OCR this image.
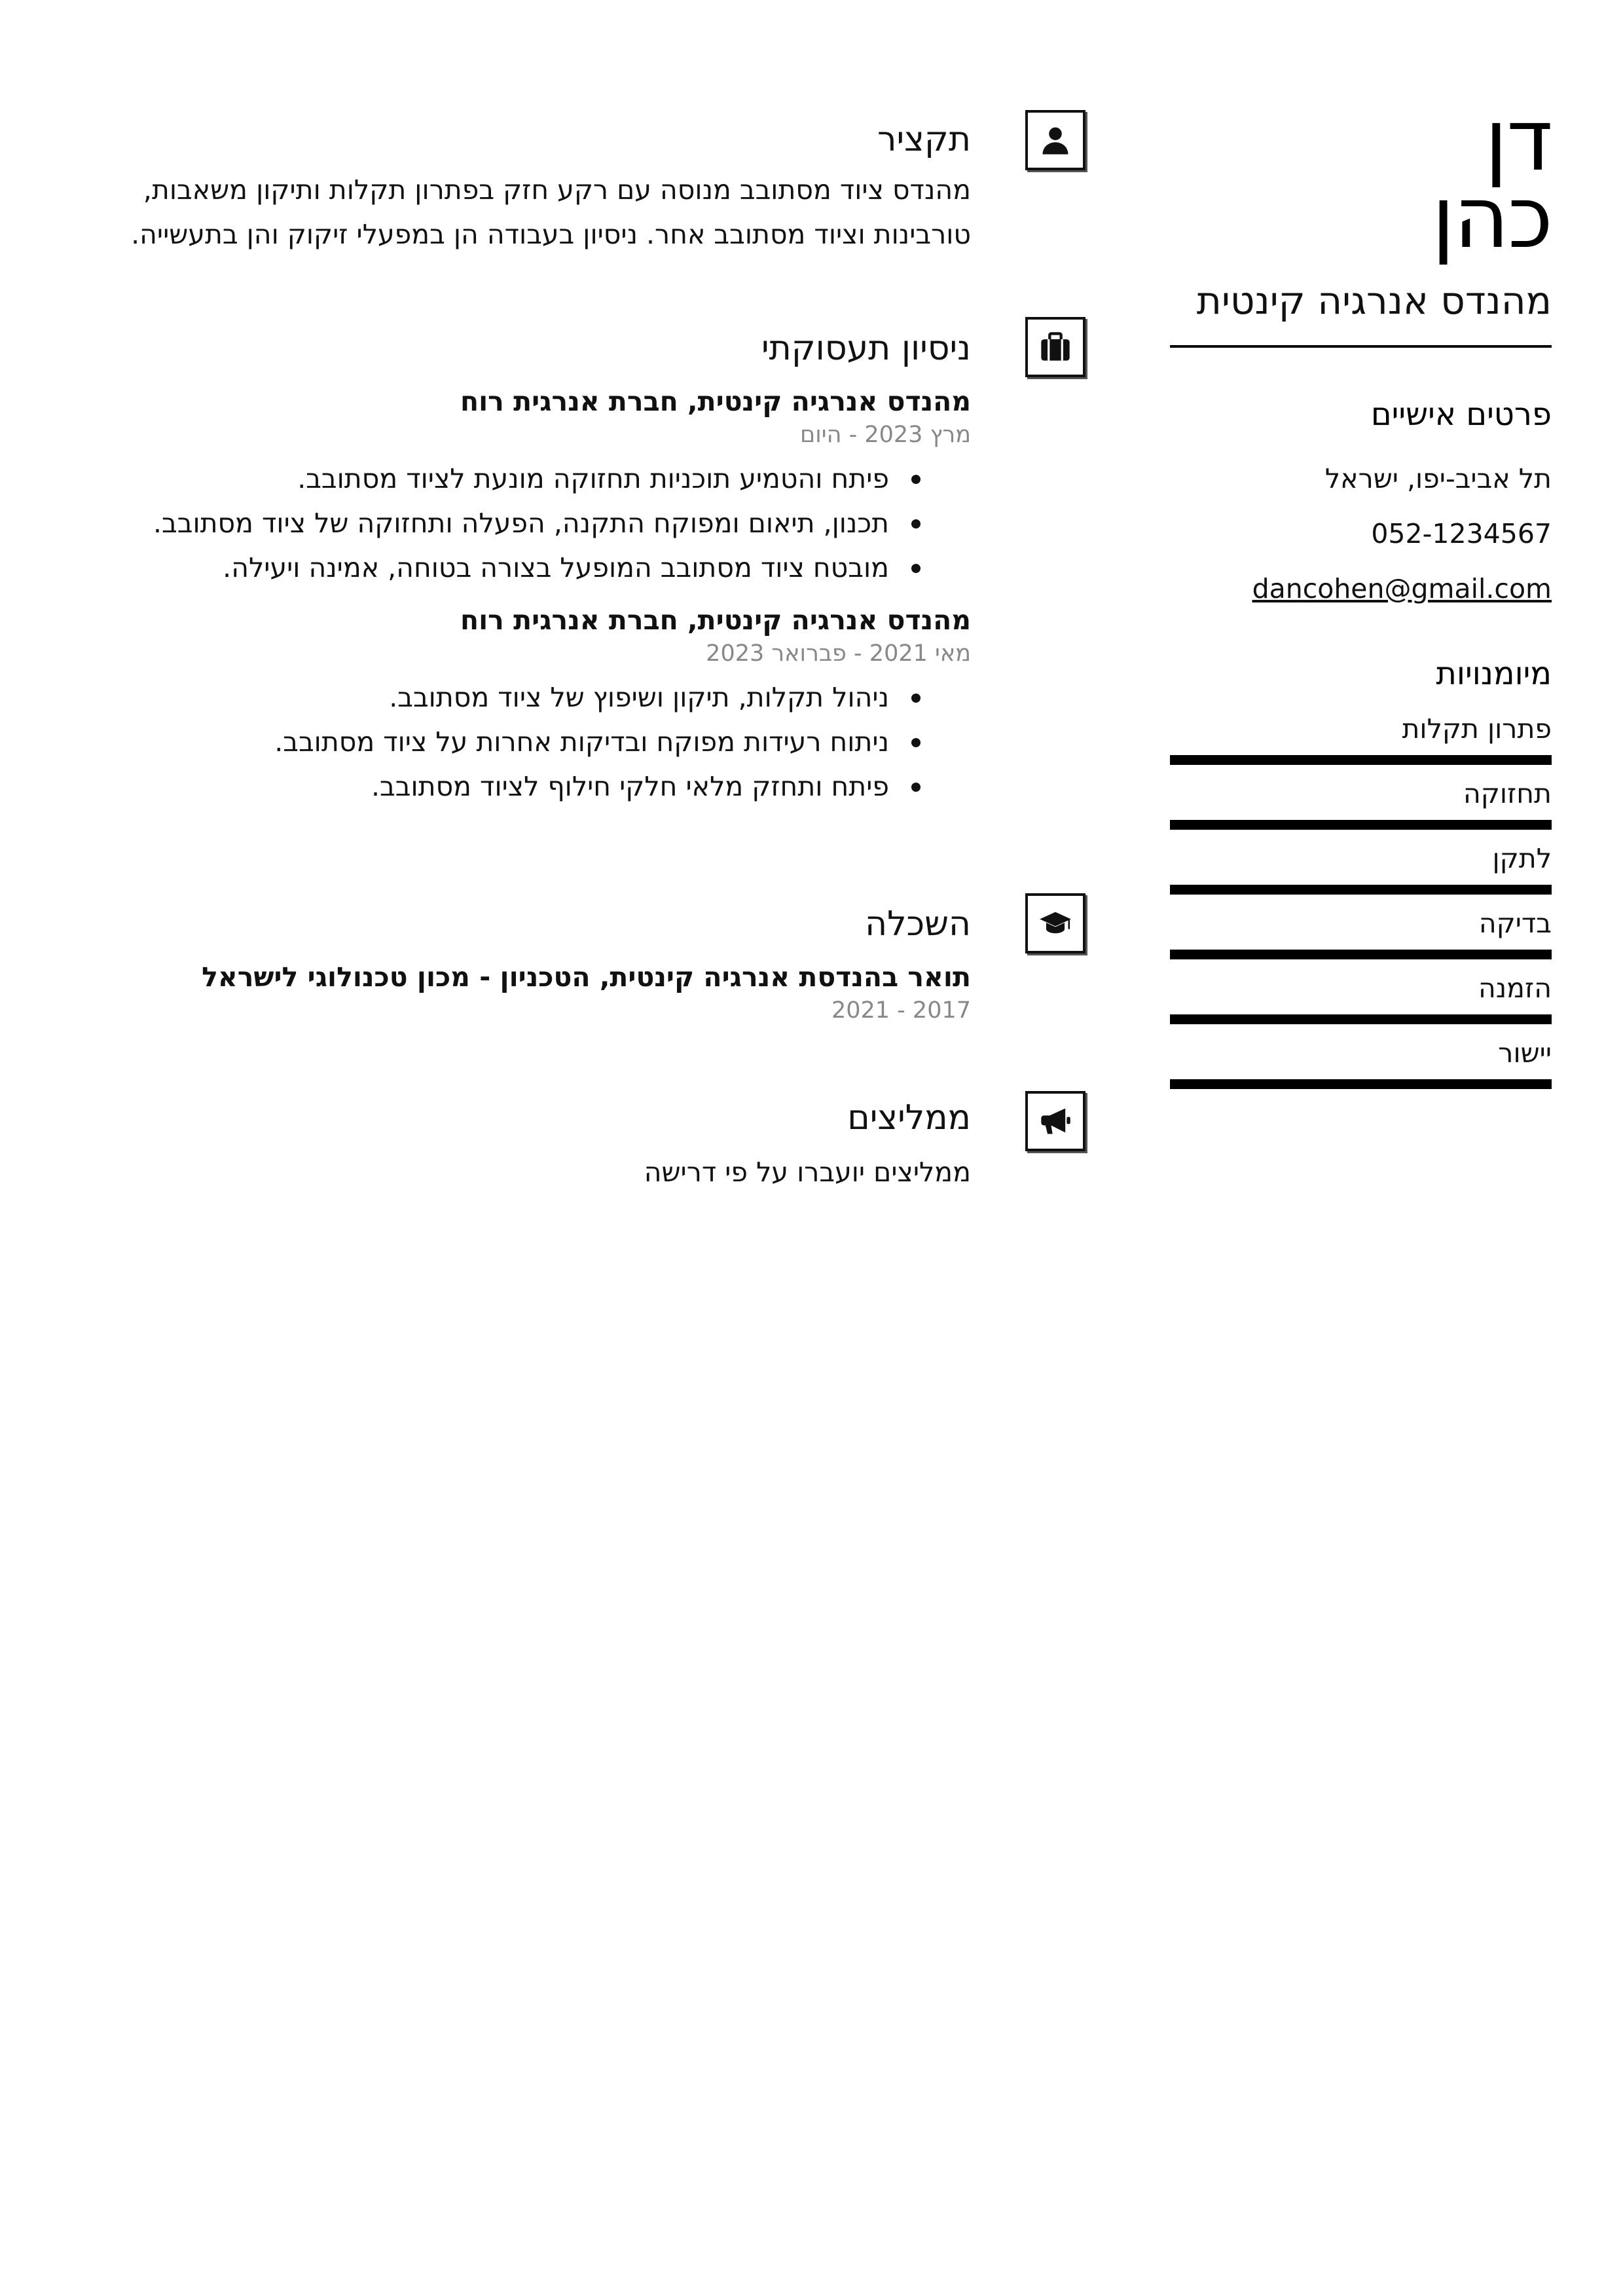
דן
כהן
מהנדס אנרגיה קינטית
פרטים אישיים
תל אביב-יפו, ישראל
052-1234567
dancohen@gmail.com
מיומנויות
פתרון תקלות
תחזוקה
לתקן
בדיקה
הזמנה
יישור
תקציר
מהנדס ציוד מסתובב מנוסה עם רקע חזק בפתרון תקלות ותיקון משאבות,
טורבינות וציוד מסתובב אחר. ניסיון בעבודה הן במפעלי זיקוק והן בתעשייה.
ניסיון תעסוקתי
מהנדס אנרגיה קינטית, חברת אנרגית רוח
מרץ 2023 - היום
פיתח והטמיע תוכניות תחזוקה מונעת לציוד מסתובב.
תכנון, תיאום ומפוקח התקנה, הפעלה ותחזוקה של ציוד מסתובב.
מובטח ציוד מסתובב המופעל בצורה בטוחה, אמינה ויעילה.
מהנדס אנרגיה קינטית, חברת אנרגית רוח
מאי 2021 - פברואר 2023
ניהול תקלות, תיקון ושיפוץ של ציוד מסתובב.
ניתוח רעידות מפוקח ובדיקות אחרות על ציוד מסתובב.
פיתח ותחזק מלאי חלקי חילוף לציוד מסתובב.
השכלה
תואר בהנדסת אנרגיה קינטית, הטכניון - מכון טכנולוגי לישראל
2017 - 2021
ממליצים
ממליצים יועברו על פי דרישה
